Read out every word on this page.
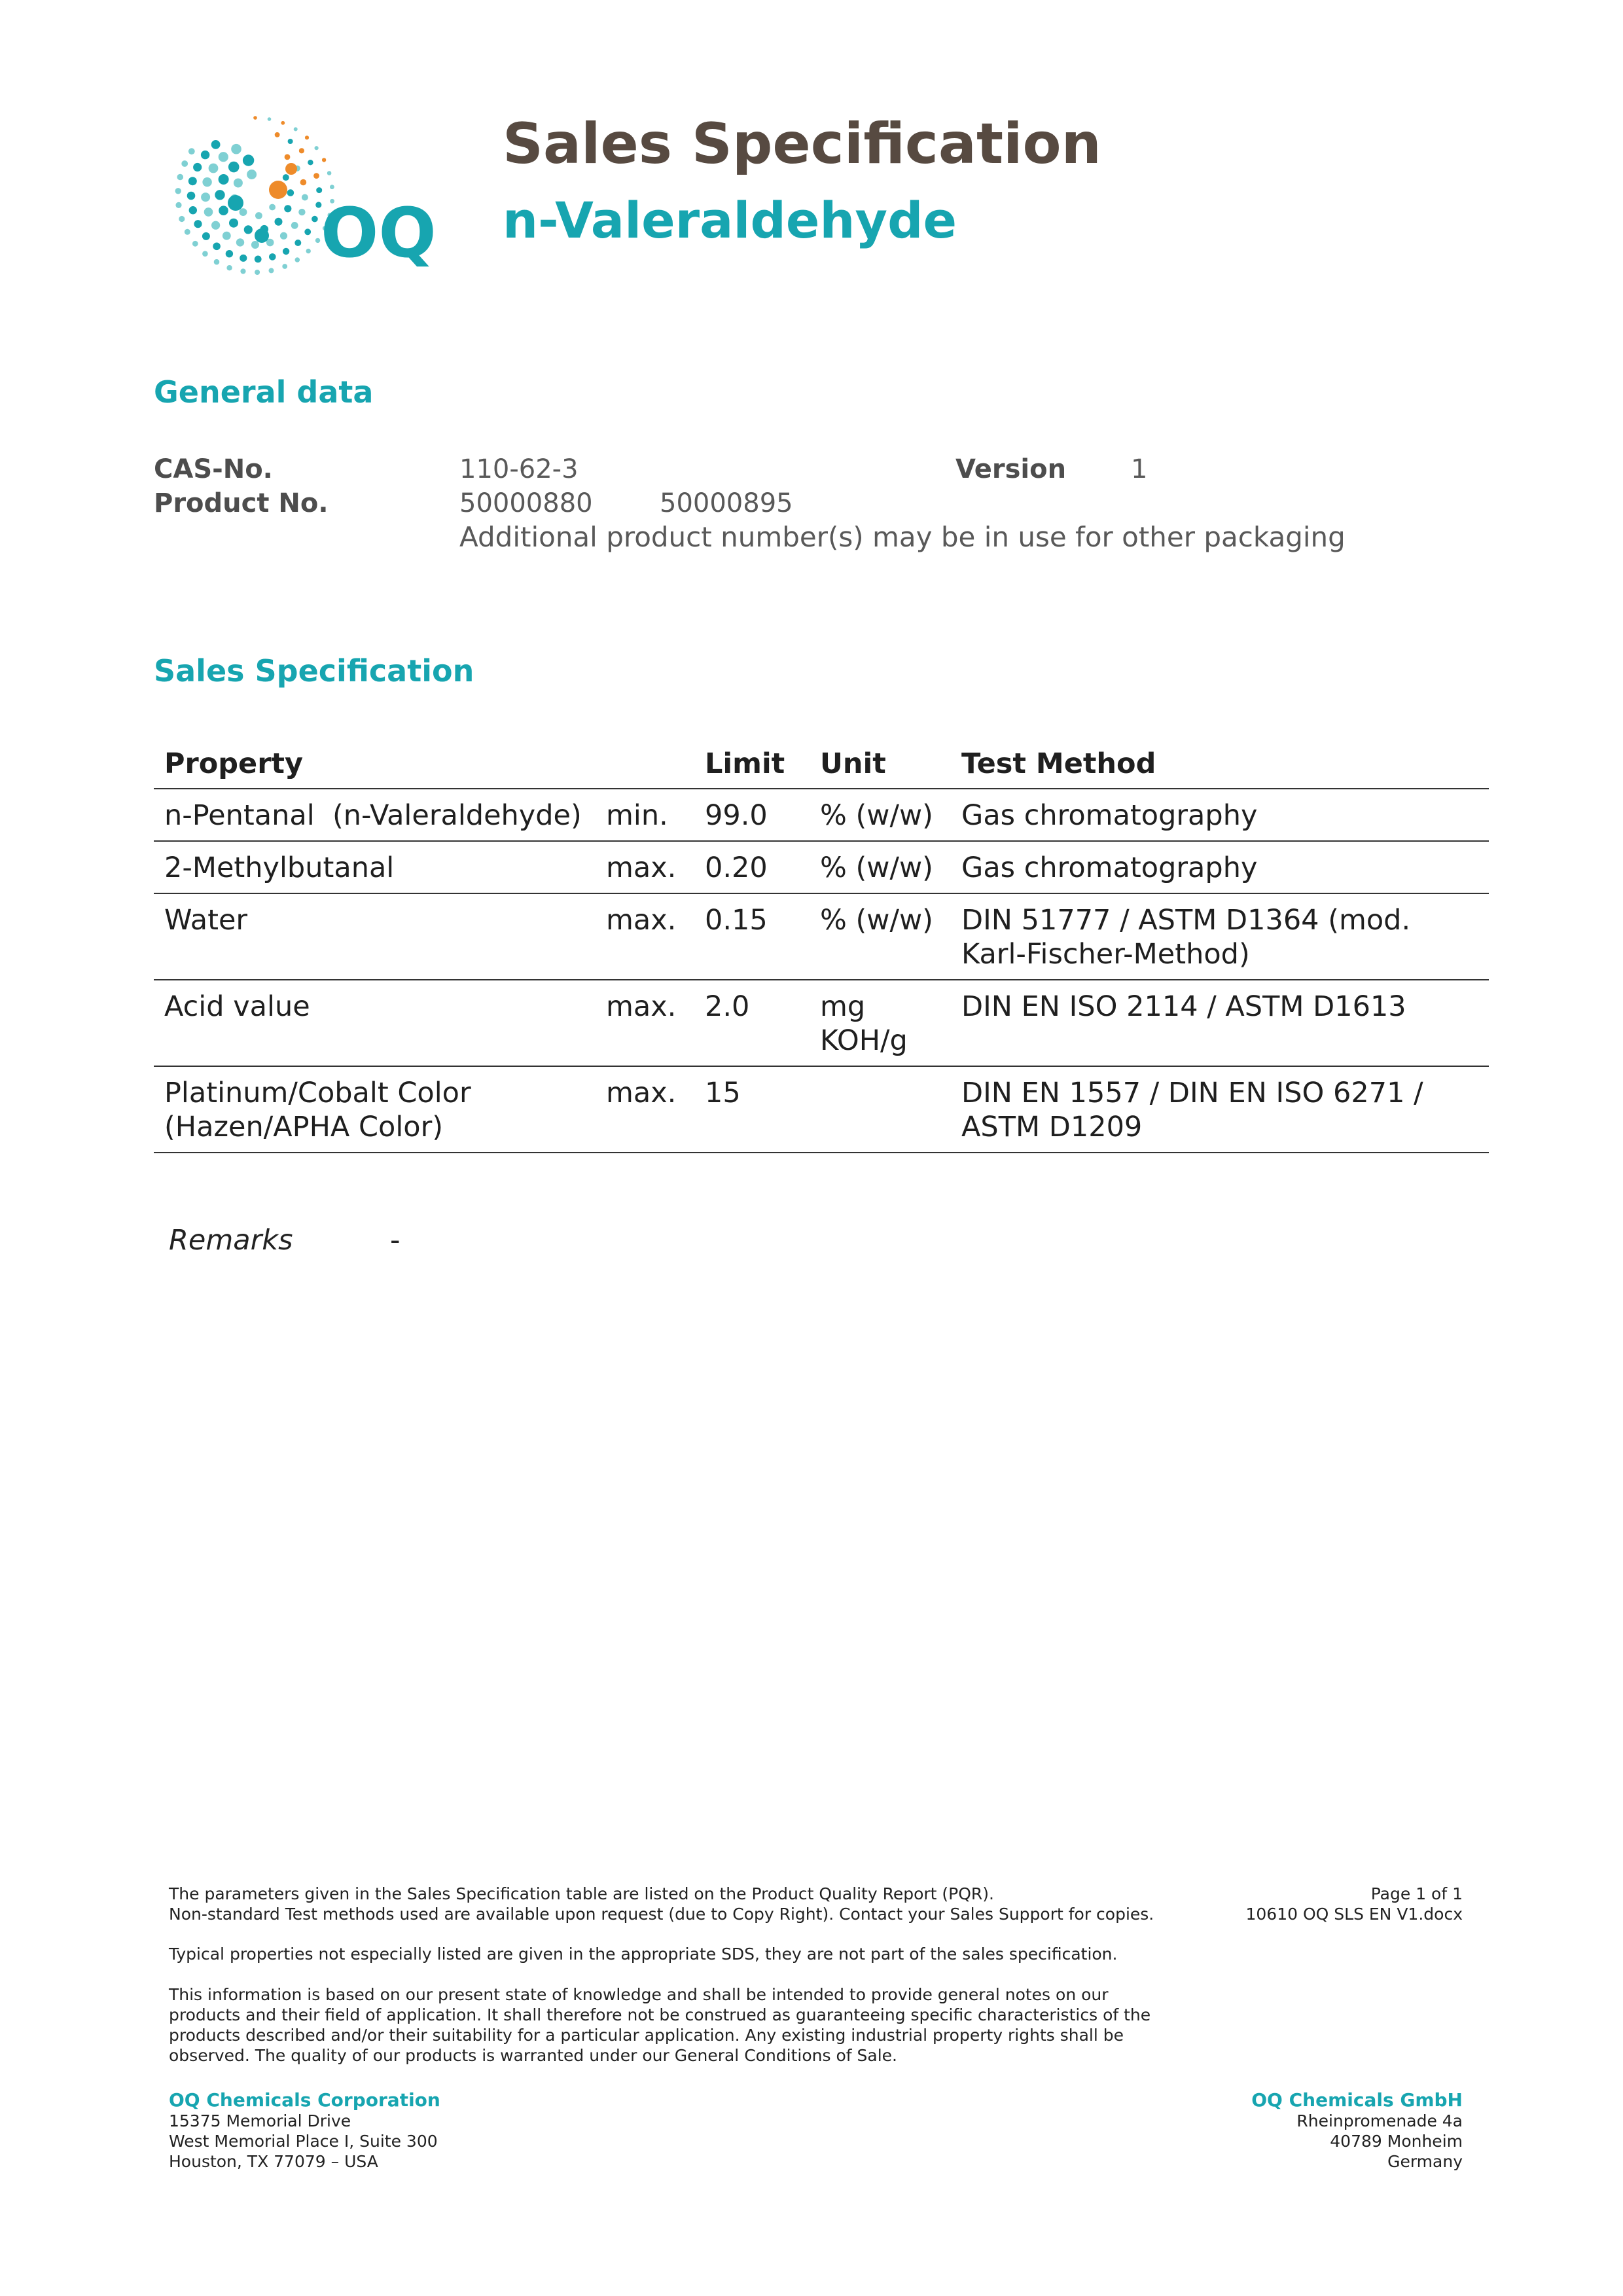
OQ
Sales Specification
n-Valeraldehyde
General data
CAS-No.	110-62-3	Version 1
Product No.	50000880	50000895
Additional product number(s) may be in use for other packaging
Sales Specification
Property		Limit	Unit	Test Method
n-Pentanal  (n-Valeraldehyde)	min.	99.0	% (w/w)	Gas chromatography
2-Methylbutanal	max.	0.20	% (w/w)	Gas chromatography
Water	max.	0.15	% (w/w)	DIN 51777 / ASTM D1364 (mod. Karl-Fischer-Method)
Acid value	max.	2.0	mg KOH/g	DIN EN ISO 2114 / ASTM D1613
Platinum/Cobalt Color (Hazen/APHA Color)	max.	15		DIN EN 1557 / DIN EN ISO 6271 / ASTM D1209
Remarks	-
The parameters given in the Sales Specification table are listed on the Product Quality Report (PQR).
Non-standard Test methods used are available upon request (due to Copy Right). Contact your Sales Support for copies.
Typical properties not especially listed are given in the appropriate SDS, they are not part of the sales specification.
This information is based on our present state of knowledge and shall be intended to provide general notes on our
products and their field of application. It shall therefore not be construed as guaranteeing specific characteristics of the
products described and/or their suitability for a particular application. Any existing industrial property rights shall be
observed. The quality of our products is warranted under our General Conditions of Sale.
Page 1 of 1
10610 OQ SLS EN V1.docx
OQ Chemicals Corporation
15375 Memorial Drive
West Memorial Place I, Suite 300
Houston, TX 77079 – USA
OQ Chemicals GmbH
Rheinpromenade 4a
40789 Monheim
Germany
